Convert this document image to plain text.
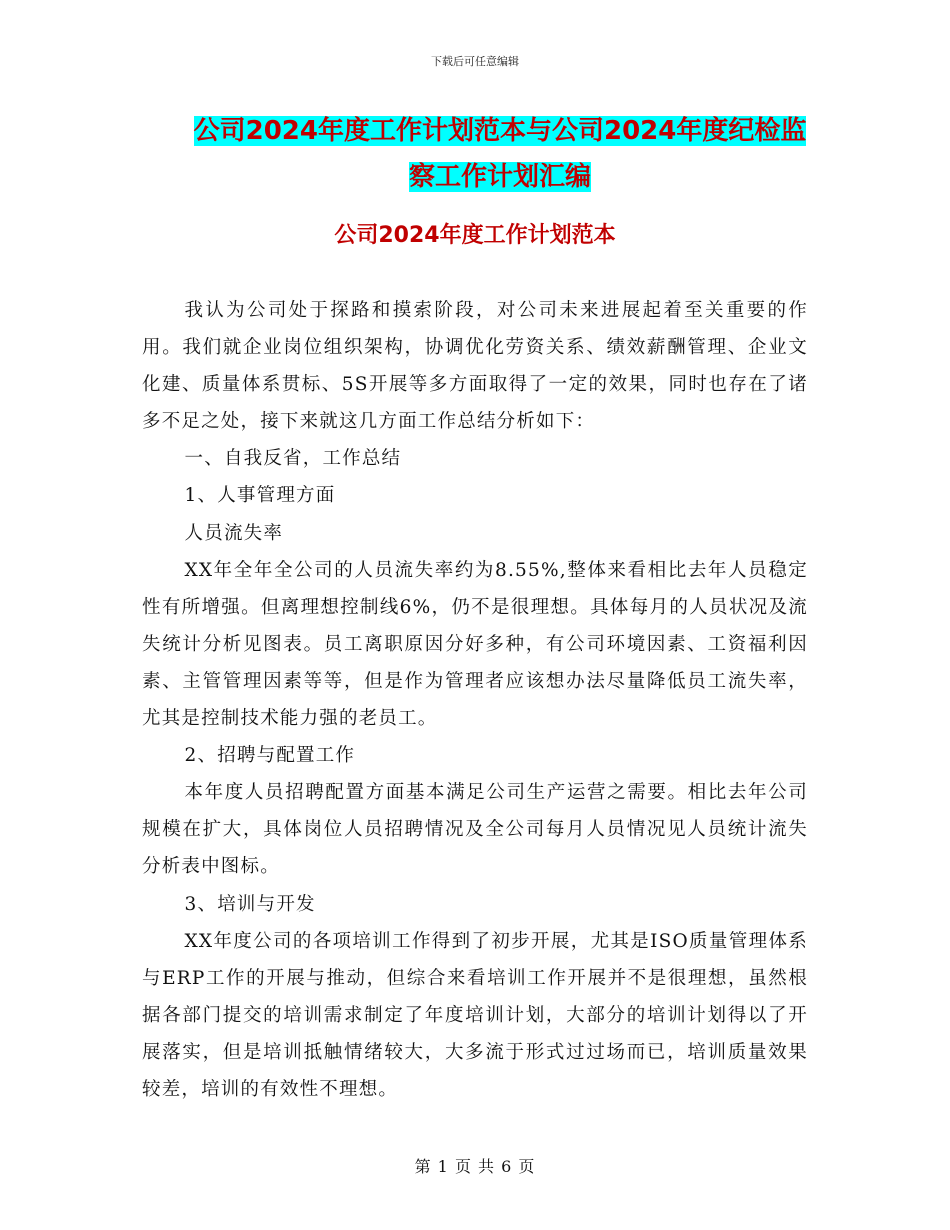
下载后可任意编辑
公司2024年度工作计划范本与公司2024年度纪检监
察工作计划汇编
公司2024年度工作计划范本

我认为公司处于探路和摸索阶段，对公司未来进展起着至关重要的作用。我们就企业岗位组织架构，协调优化劳资关系、绩效薪酬管理、企业文化建、质量体系贯标、5S开展等多方面取得了一定的效果，同时也存在了诸多不足之处，接下来就这几方面工作总结分析如下：

一、自我反省，工作总结

1、人事管理方面

人员流失率

XX年全年全公司的人员流失率约为8.55%,整体来看相比去年人员稳定性有所增强。但离理想控制线6%，仍不是很理想。具体每月的人员状况及流失统计分析见图表。员工离职原因分好多种，有公司环境因素、工资福利因素、主管管理因素等等，但是作为管理者应该想办法尽量降低员工流失率，尤其是控制技术能力强的老员工。

2、招聘与配置工作

本年度人员招聘配置方面基本满足公司生产运营之需要。相比去年公司规模在扩大，具体岗位人员招聘情况及全公司每月人员情况见人员统计流失分析表中图标。

3、培训与开发

XX年度公司的各项培训工作得到了初步开展，尤其是ISO质量管理体系与ERP工作的开展与推动，但综合来看培训工作开展并不是很理想，虽然根据各部门提交的培训需求制定了年度培训计划，大部分的培训计划得以了开展落实，但是培训抵触情绪较大，大多流于形式过过场而已，培训质量效果较差，培训的有效性不理想。

第 1 页 共 6 页
